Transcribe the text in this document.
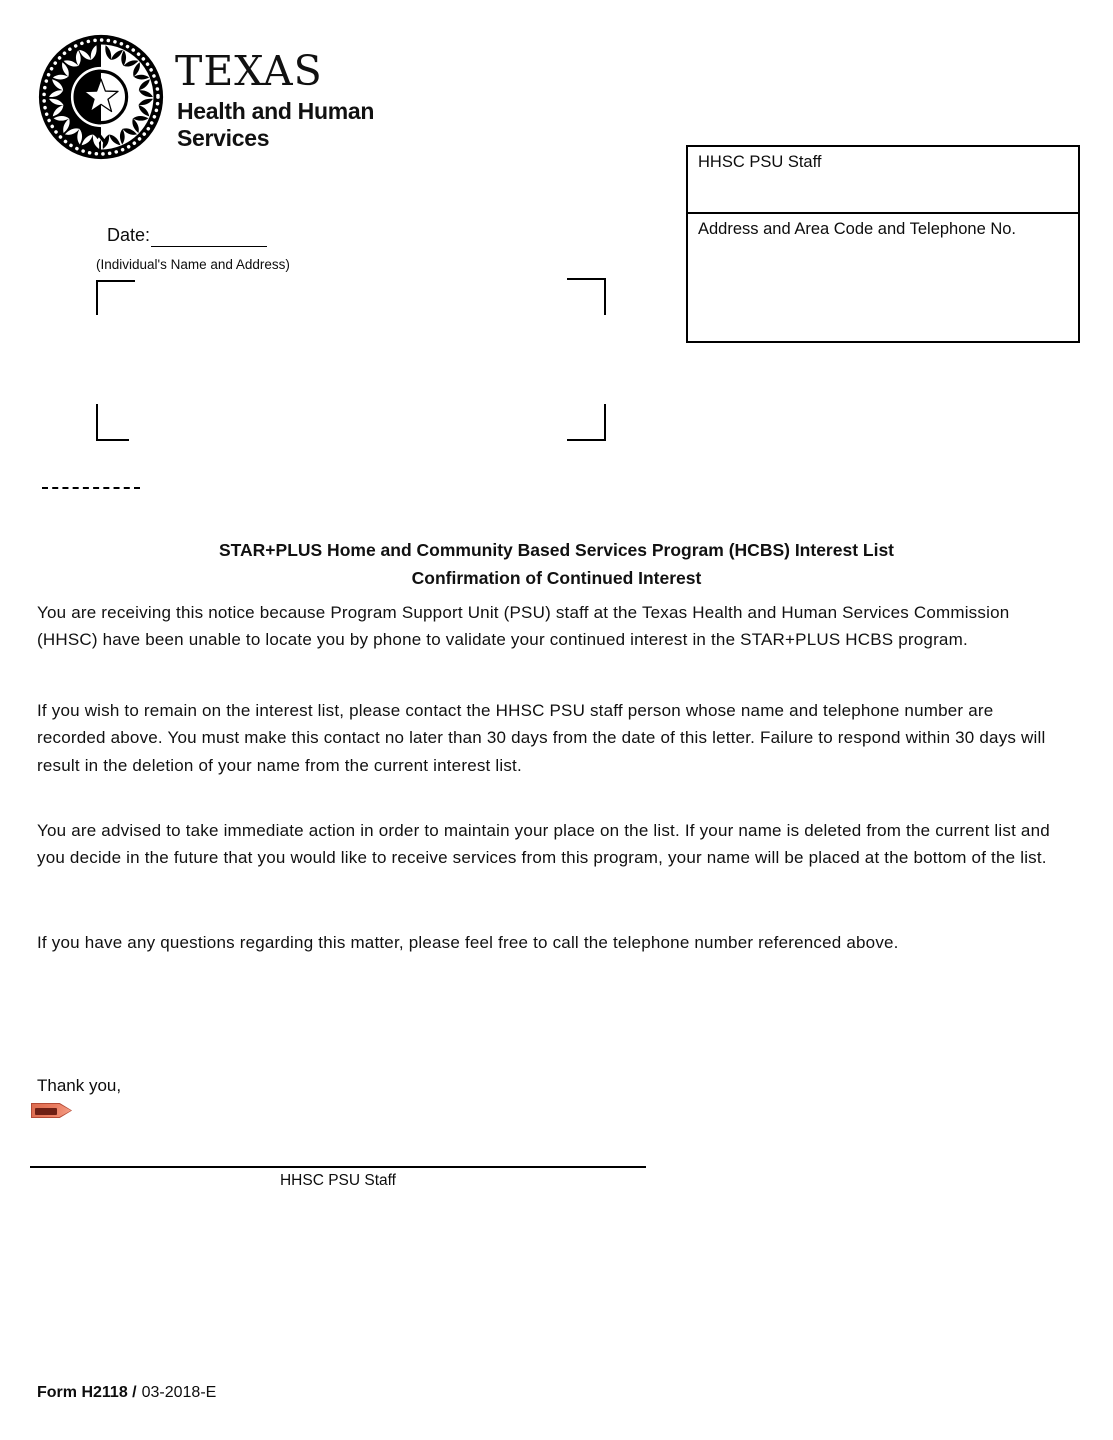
TEXAS
Health and Human
Services
HHSC PSU Staff
Address and Area Code and Telephone No.
Date:
(Individual's Name and Address)
STAR+PLUS Home and Community Based Services Program (HCBS) Interest List
Confirmation of Continued Interest
You are receiving this notice because Program Support Unit (PSU) staff at the Texas Health and Human Services Commission (HHSC) have been unable to locate you by phone to validate your continued interest in the STAR+PLUS HCBS program.
If you wish to remain on the interest list, please contact the HHSC PSU staff person whose name and telephone number are recorded above. You must make this contact no later than 30 days from the date of this letter. Failure to respond within 30 days will result in the deletion of your name from the current interest list.
You are advised to take immediate action in order to maintain your place on the list. If your name is deleted from the current list and you decide in the future that you would like to receive services from this program, your name will be placed at the bottom of the list.
If you have any questions regarding this matter, please feel free to call the telephone number referenced above.
Thank you,
HHSC PSU Staff
Form H2118 / 03-2018-E
